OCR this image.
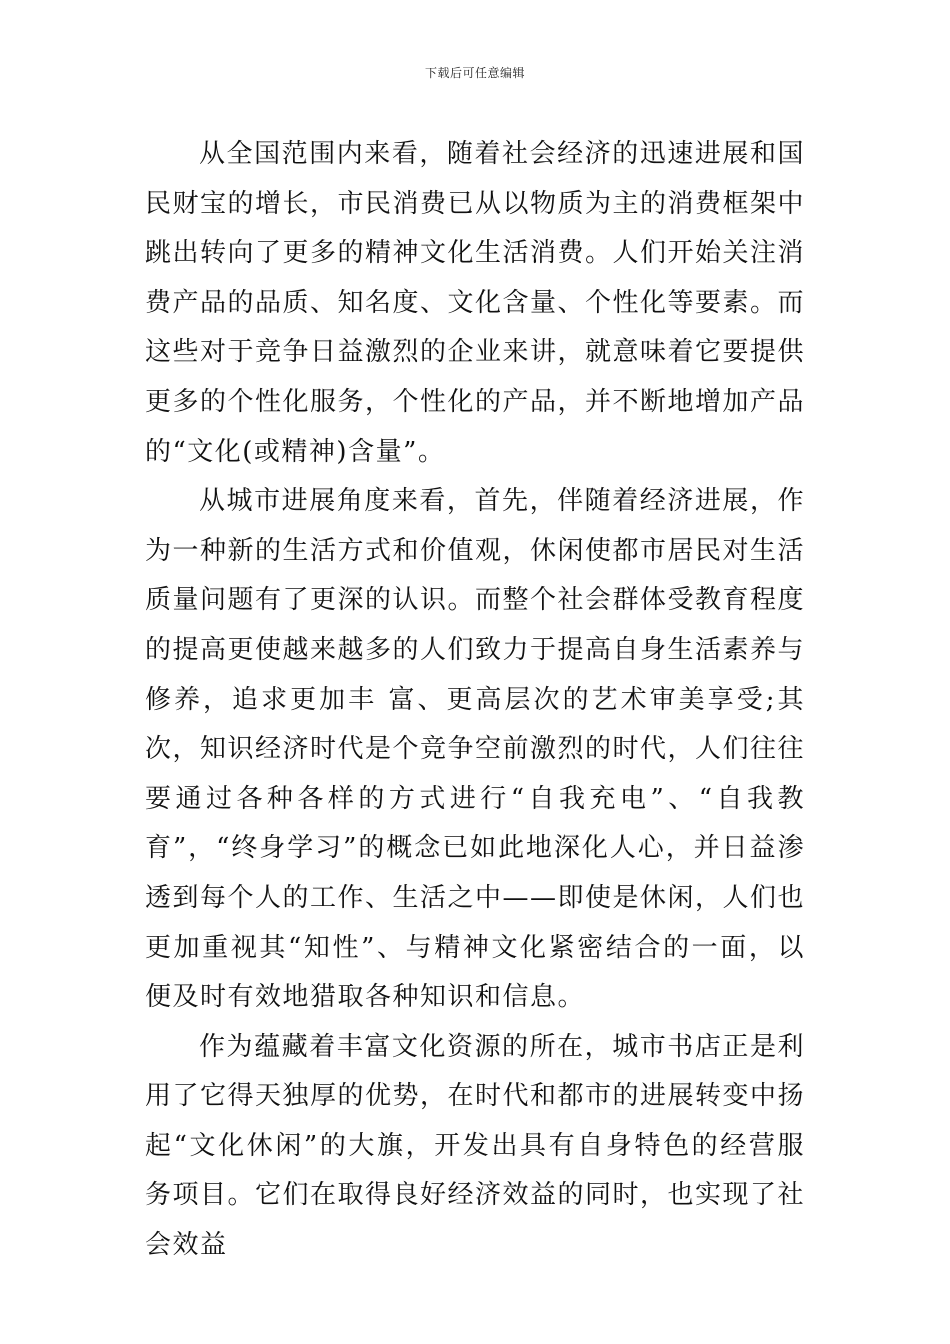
下载后可任意编辑

从全国范围内来看，随着社会经济的迅速进展和国民财宝的增长，市民消费已从以物质为主的消费框架中跳出转向了更多的精神文化生活消费。人们开始关注消费产品的品质、知名度、文化含量、个性化等要素。而这些对于竞争日益激烈的企业来讲，就意味着它要提供更多的个性化服务，个性化的产品，并不断地增加产品的“文化(或精神)含量”。

从城市进展角度来看，首先，伴随着经济进展，作为一种新的生活方式和价值观，休闲使都市居民对生活质量问题有了更深的认识。而整个社会群体受教育程度的提高更使越来越多的人们致力于提高自身生活素养与修养，追求更加丰 富、更高层次的艺术审美享受;其次，知识经济时代是个竞争空前激烈的时代，人们往往要通过各种各样的方式进行“自我充电”、“自我教育”，“终身学习”的概念已如此地深化人心，并日益渗透到每个人的工作、生活之中——即使是休闲，人们也更加重视其“知性”、与精神文化紧密结合的一面，以便及时有效地猎取各种知识和信息。

作为蕴藏着丰富文化资源的所在，城市书店正是利用了它得天独厚的优势，在时代和都市的进展转变中扬起“文化休闲”的大旗，开发出具有自身特色的经营服务项目。它们在取得良好经济效益的同时，也实现了社会效益
